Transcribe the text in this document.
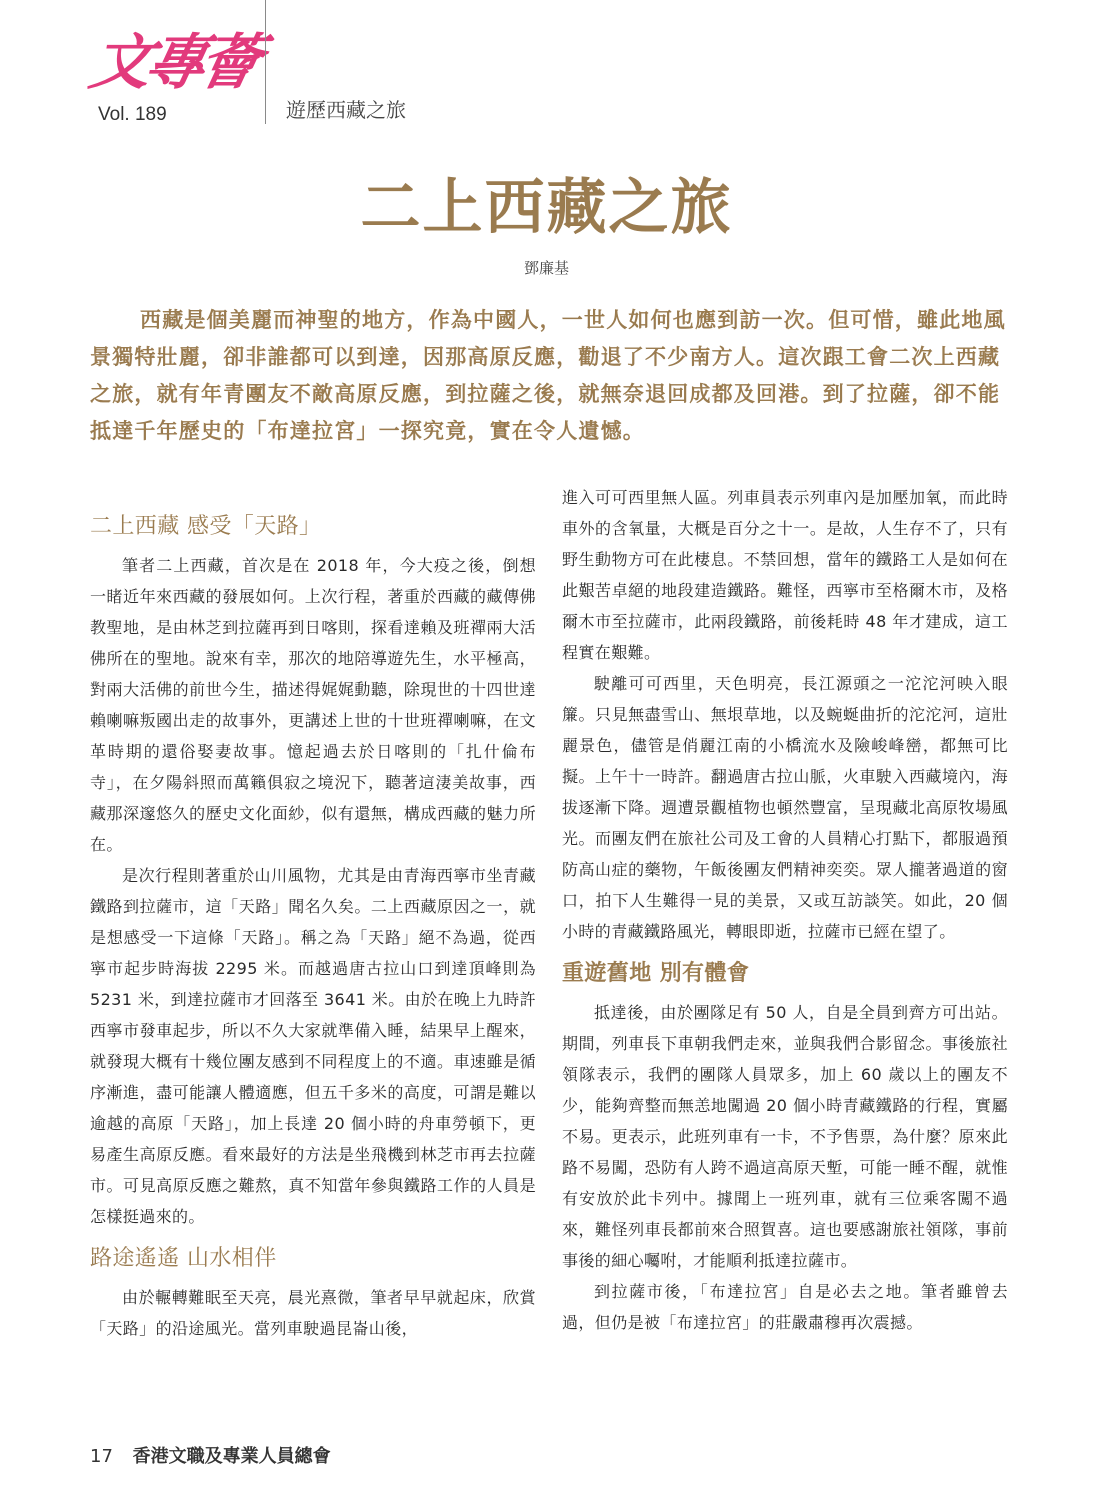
文專薈
Vol. 189	遊歷西藏之旅
二上西藏之旅
鄧廉基

西藏是個美麗而神聖的地方，作為中國人，一世人如何也應到訪一次。但可惜，雖此地風景獨特壯麗，卻非誰都可以到達，因那高原反應，勸退了不少南方人。這次跟工會二次上西藏之旅，就有年青團友不敵高原反應，到拉薩之後，就無奈退回成都及回港。到了拉薩，卻不能抵達千年歷史的「布達拉宮」一探究竟，實在令人遺憾。

二上西藏 感受「天路」

筆者二上西藏，首次是在 2018 年，今大疫之後，倒想一睹近年來西藏的發展如何。上次行程，著重於西藏的藏傳佛教聖地，是由林芝到拉薩再到日喀則，探看達賴及班禪兩大活佛所在的聖地。說來有幸，那次的地陪導遊先生，水平極高，對兩大活佛的前世今生，描述得娓娓動聽，除現世的十四世達賴喇嘛叛國出走的故事外，更講述上世的十世班禪喇嘛，在文革時期的還俗娶妻故事。憶起過去於日喀則的「扎什倫布寺」，在夕陽斜照而萬籟俱寂之境況下，聽著這淒美故事，西藏那深邃悠久的歷史文化面紗，似有還無，構成西藏的魅力所在。

是次行程則著重於山川風物，尤其是由青海西寧市坐青藏鐵路到拉薩市，這「天路」聞名久矣。二上西藏原因之一，就是想感受一下這條「天路」。稱之為「天路」絕不為過，從西寧市起步時海拔 2295 米。而越過唐古拉山口到達頂峰則為 5231 米，到達拉薩市才回落至 3641 米。由於在晚上九時許西寧市發車起步，所以不久大家就準備入睡，結果早上醒來，就發現大概有十幾位團友感到不同程度上的不適。車速雖是循序漸進，盡可能讓人體適應，但五千多米的高度，可謂是難以逾越的高原「天路」，加上長達 20 個小時的舟車勞頓下，更易產生高原反應。看來最好的方法是坐飛機到林芝市再去拉薩市。可見高原反應之難熬，真不知當年參與鐵路工作的人員是怎樣挺過來的。

路途遙遙 山水相伴

由於輾轉難眠至天亮，晨光熹微，筆者早早就起床，欣賞「天路」的沿途風光。當列車駛過昆崙山後，

進入可可西里無人區。列車員表示列車內是加壓加氧，而此時車外的含氧量，大概是百分之十一。是故，人生存不了，只有野生動物方可在此棲息。不禁回想，當年的鐵路工人是如何在此艱苦卓絕的地段建造鐵路。難怪，西寧市至格爾木市，及格爾木市至拉薩市，此兩段鐵路，前後耗時 48 年才建成，這工程實在艱難。

駛離可可西里，天色明亮，長江源頭之一沱沱河映入眼簾。只見無盡雪山、無垠草地，以及蜿蜒曲折的沱沱河，這壯麗景色，儘管是俏麗江南的小橋流水及險峻峰巒，都無可比擬。上午十一時許。翻過唐古拉山脈，火車駛入西藏境內，海拔逐漸下降。週遭景觀植物也頓然豐富，呈現藏北高原牧場風光。而團友們在旅社公司及工會的人員精心打點下，都服過預防高山症的藥物，午飯後團友們精神奕奕。眾人攏著過道的窗口，拍下人生難得一見的美景，又或互訪談笑。如此，20 個小時的青藏鐵路風光，轉眼即逝，拉薩市已經在望了。

重遊舊地 別有體會

抵達後，由於團隊足有 50 人，自是全員到齊方可出站。期間，列車長下車朝我們走來，並與我們合影留念。事後旅社領隊表示，我們的團隊人員眾多，加上 60 歲以上的團友不少，能夠齊整而無恙地闖過 20 個小時青藏鐵路的行程，實屬不易。更表示，此班列車有一卡，不予售票，為什麼？原來此路不易闖，恐防有人跨不過這高原天塹，可能一睡不醒，就惟有安放於此卡列中。據聞上一班列車，就有三位乘客闖不過來，難怪列車長都前來合照賀喜。這也要感謝旅社領隊，事前事後的細心囑咐，才能順利抵達拉薩市。

到拉薩市後，「布達拉宮」自是必去之地。筆者雖曾去過，但仍是被「布達拉宮」的莊嚴肅穆再次震撼。

17 香港文職及專業人員總會
